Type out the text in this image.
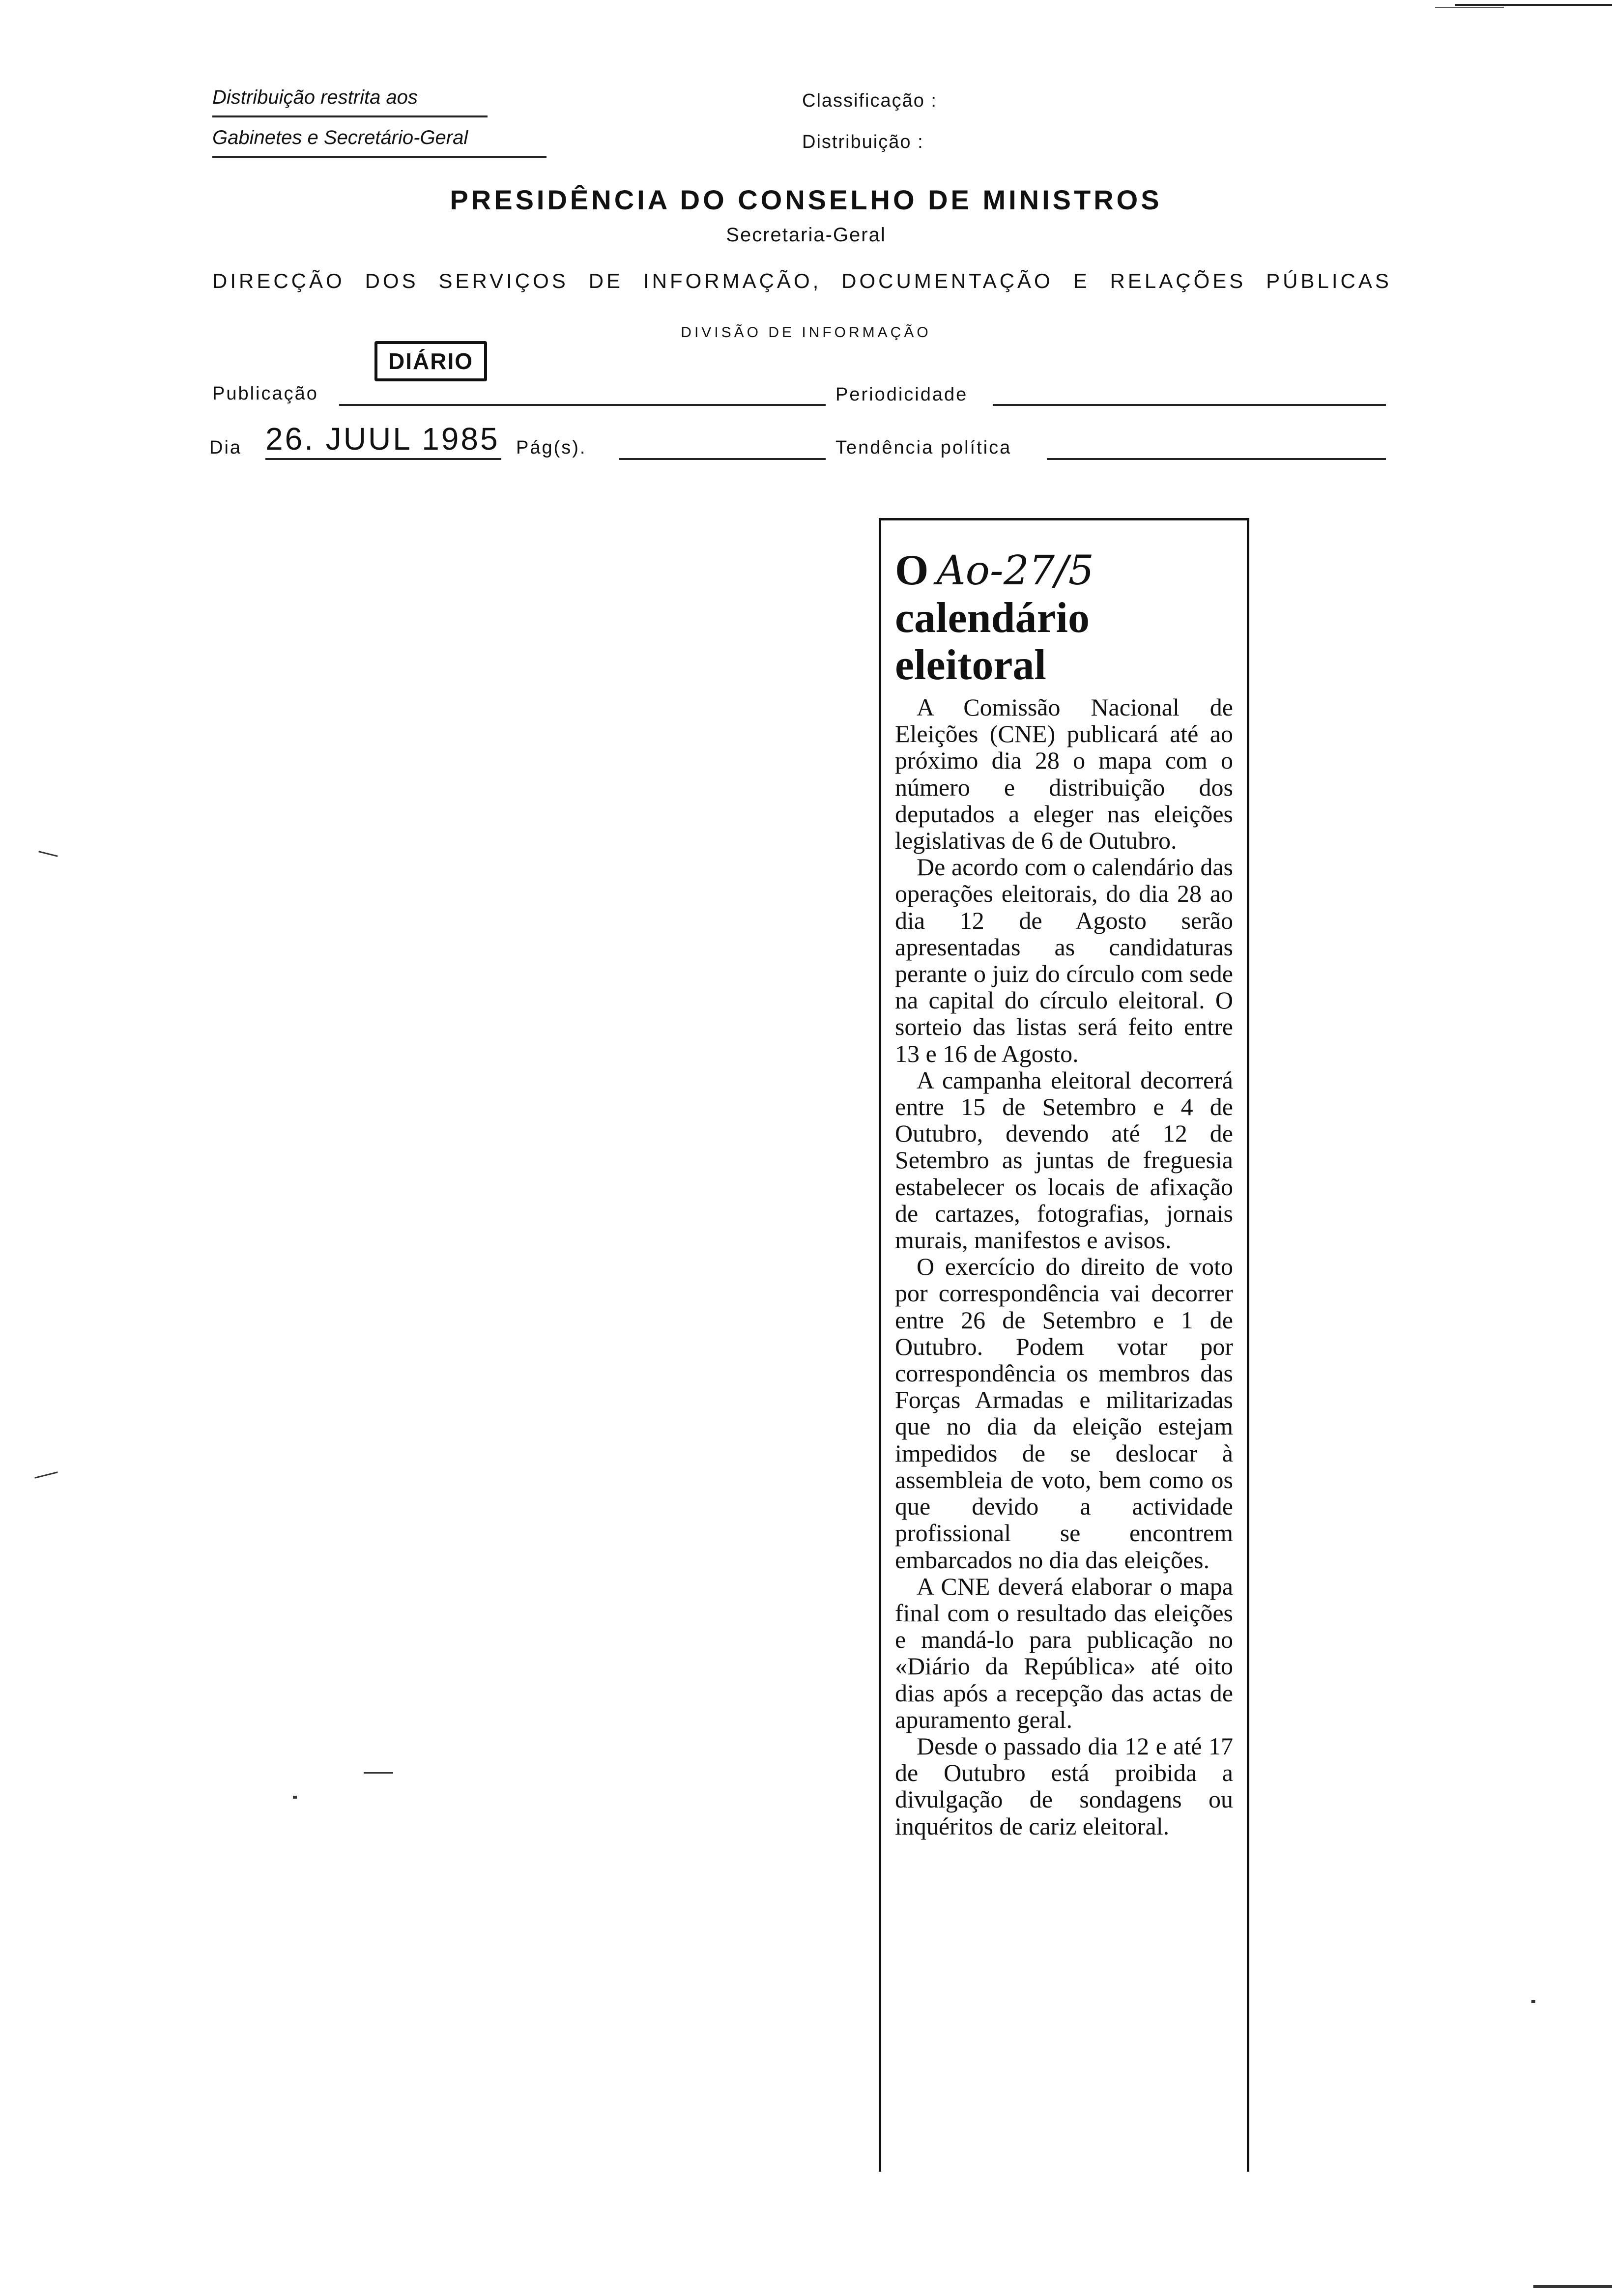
Distribuição restrita aos
Gabinetes e Secretário-Geral
Classificação :
Distribuição :
PRESIDÊNCIA DO CONSELHO DE MINISTROS
Secretaria-Geral
DIRECÇÃO DOS SERVIÇOS DE INFORMAÇÃO, DOCUMENTAÇÃO E RELAÇÕES PÚBLICAS
DIVISÃO DE INFORMAÇÃO
DIÁRIO
Publicação	Periodicidade
Dia 26. JUUL 1985 Pág(s).	Tendência política
O Ao-27/5
calendário
eleitoral

A Comissão Nacional de Eleições (CNE) publicará até ao próximo dia 28 o mapa com o número e distribuição dos deputados a eleger nas eleições legislativas de 6 de Outubro.

De acordo com o calendário das operações eleitorais, do dia 28 ao dia 12 de Agosto serão apresentadas as candidaturas perante o juiz do círculo com sede na capital do círculo eleitoral. O sorteio das listas será feito entre 13 e 16 de Agosto.

A campanha eleitoral decorrerá entre 15 de Setembro e 4 de Outubro, devendo até 12 de Setembro as juntas de freguesia estabelecer os locais de afixação de cartazes, fotografias, jornais murais, manifestos e avisos.

O exercício do direito de voto por correspondência vai decorrer entre 26 de Setembro e 1 de Outubro. Podem votar por correspondência os membros das Forças Armadas e militarizadas que no dia da eleição estejam impedidos de se deslocar à assembleia de voto, bem como os que devido a actividade profissional se encontrem embarcados no dia das eleições.

A CNE deverá elaborar o mapa final com o resultado das eleições e mandá-lo para publicação no «Diário da República» até oito dias após a recepção das actas de apuramento geral.

Desde o passado dia 12 e até 17 de Outubro está proibida a divulgação de sondagens ou inquéritos de cariz eleitoral.
